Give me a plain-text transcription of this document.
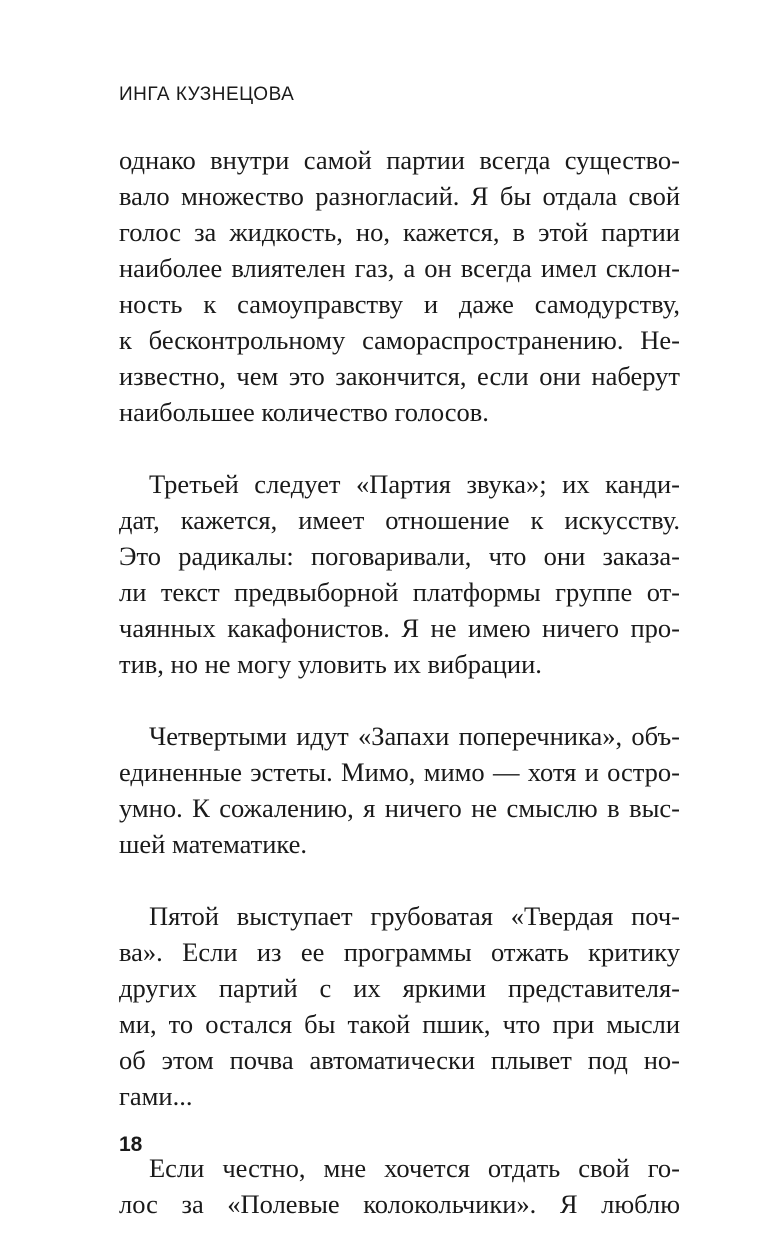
ИНГА КУЗНЕЦОВА
однако внутри самой партии всегда существо-
вало множество разногласий. Я бы отдала свой
голос за жидкость, но, кажется, в этой партии
наиболее влиятелен газ, а он всегда имел склон-
ность к самоуправству и даже самодурству,
к бесконтрольному самораспространению. Не-
известно, чем это закончится, если они наберут
наибольшее количество голосов.
Третьей следует «Партия звука»; их канди-
дат, кажется, имеет отношение к искусству.
Это радикалы: поговаривали, что они заказа-
ли текст предвыборной платформы группе от-
чаянных какафонистов. Я не имею ничего про-
тив, но не могу уловить их вибрации.
Четвертыми идут «Запахи поперечника», объ-
единенные эстеты. Мимо, мимо — хотя и остро-
умно. К сожалению, я ничего не смыслю в выс-
шей математике.
Пятой выступает грубоватая «Твердая поч-
ва». Если из ее программы отжать критику
других партий с их яркими представителя-
ми, то остался бы такой пшик, что при мысли
об этом почва автоматически плывет под но-
гами...
Если честно, мне хочется отдать свой го-
лос за «Полевые колокольчики». Я люблю
18
